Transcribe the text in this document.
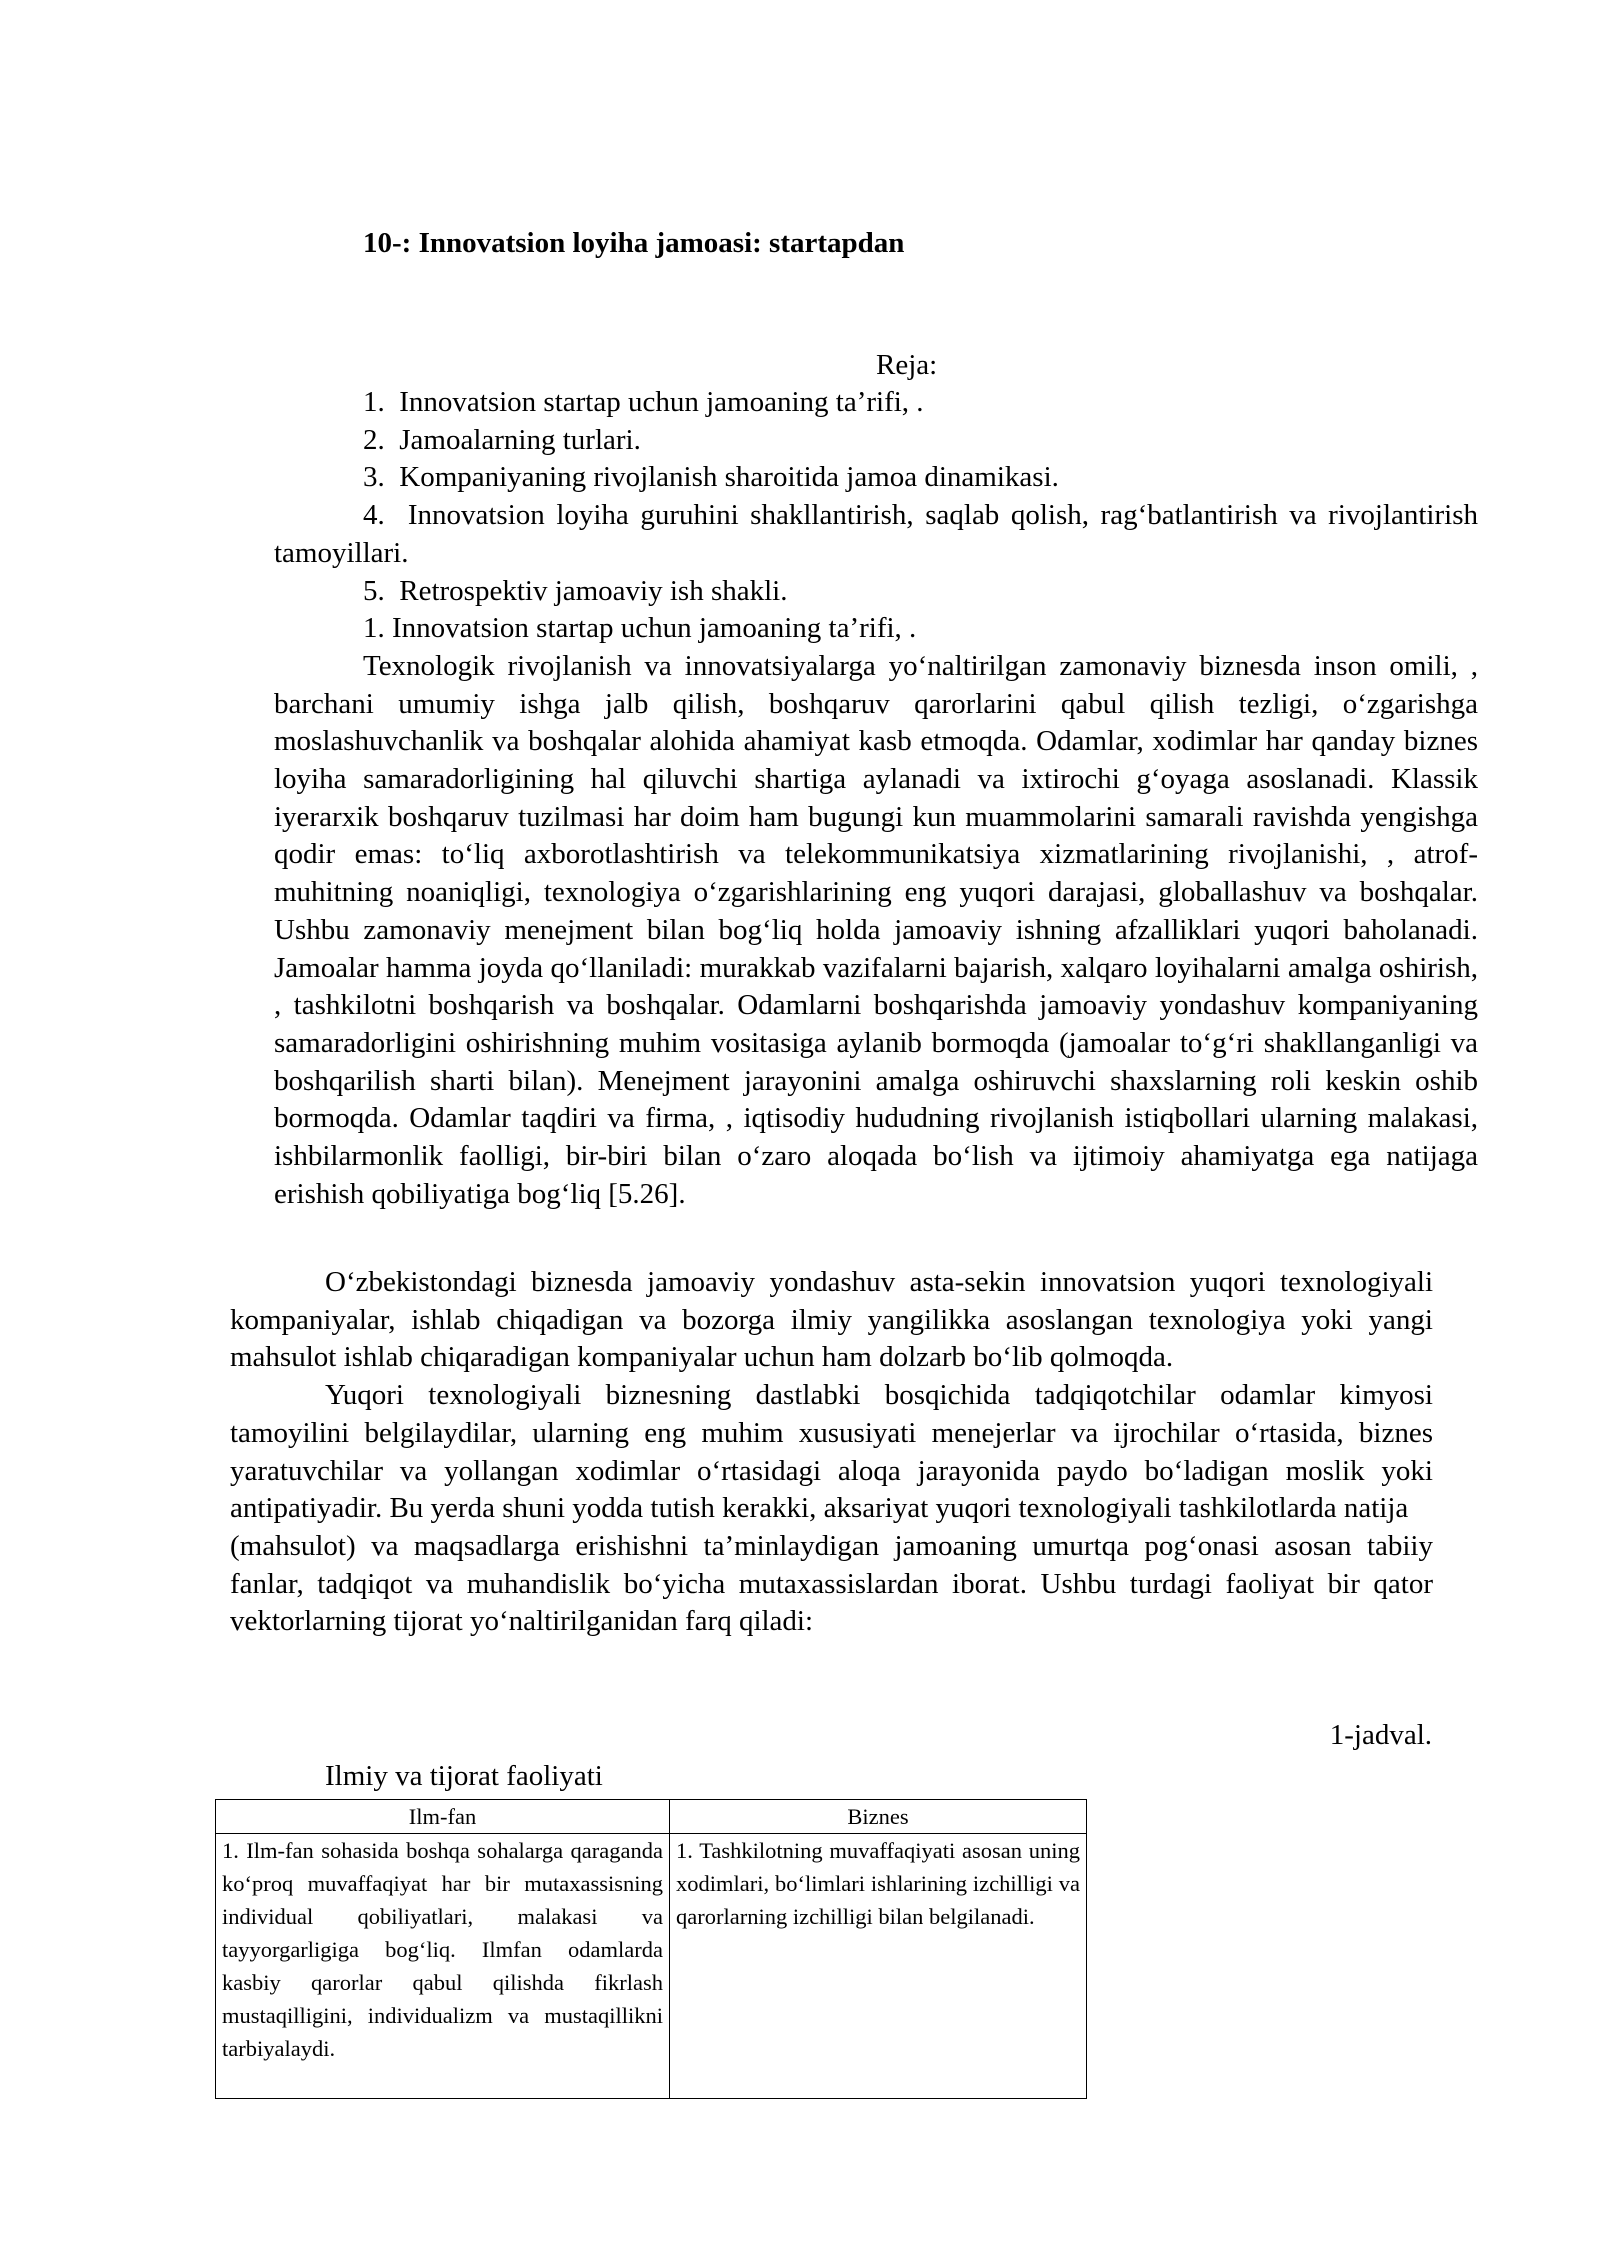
10-: Innovatsion loyiha jamoasi: startapdan
Reja:

1. Innovatsion startap uchun jamoaning ta’rifi, .

2. Jamoalarning turlari.

3. Kompaniyaning rivojlanish sharoitida jamoa dinamikasi.

4. Innovatsion loyiha guruhini shakllantirish, saqlab qolish, rag‘batlantirish va rivojlantirish tamoyillari.

5. Retrospektiv jamoaviy ish shakli.

1. Innovatsion startap uchun jamoaning ta’rifi, .

Texnologik rivojlanish va innovatsiyalarga yo‘naltirilgan zamonaviy biznesda inson omili, , barchani umumiy ishga jalb qilish, boshqaruv qarorlarini qabul qilish tezligi, o‘zgarishga moslashuvchanlik va boshqalar alohida ahamiyat kasb etmoqda. Odamlar, xodimlar har qanday biznes loyiha samaradorligining hal qiluvchi shartiga aylanadi va ixtirochi g‘oyaga asoslanadi. Klassik iyerarxik boshqaruv tuzilmasi har doim ham bugungi kun muammolarini samarali ravishda yengishga qodir emas: to‘liq axborotlashtirish va telekommunikatsiya xizmatlarining rivojlanishi, , atrof-muhitning noaniqligi, texnologiya o‘zgarishlarining eng yuqori darajasi, globallashuv va boshqalar. Ushbu zamonaviy menejment bilan bog‘liq holda jamoaviy ishning afzalliklari yuqori baholanadi. Jamoalar hamma joyda qo‘llaniladi: murakkab vazifalarni bajarish, xalqaro loyihalarni amalga oshirish, , tashkilotni boshqarish va boshqalar. Odamlarni boshqarishda jamoaviy yondashuv kompaniyaning samaradorligini oshirishning muhim vositasiga aylanib bormoqda (jamoalar to‘g‘ri shakllanganligi va boshqarilish sharti bilan). Menejment jarayonini amalga oshiruvchi shaxslarning roli keskin oshib bormoqda. Odamlar taqdiri va firma, , iqtisodiy hududning rivojlanish istiqbollari ularning malakasi, ishbilarmonlik faolligi, bir-biri bilan o‘zaro aloqada bo‘lish va ijtimoiy ahamiyatga ega natijaga erishish qobiliyatiga bog‘liq [5.26].

O‘zbekistondagi biznesda jamoaviy yondashuv asta-sekin innovatsion yuqori texnologiyali kompaniyalar, ishlab chiqadigan va bozorga ilmiy yangilikka asoslangan texnologiya yoki yangi mahsulot ishlab chiqaradigan kompaniyalar uchun ham dolzarb bo‘lib qolmoqda.

Yuqori texnologiyali biznesning dastlabki bosqichida tadqiqotchilar odamlar kimyosi tamoyilini belgilaydilar, ularning eng muhim xususiyati menejerlar va ijrochilar o‘rtasida, biznes yaratuvchilar va yollangan xodimlar o‘rtasidagi aloqa jarayonida paydo bo‘ladigan moslik yoki antipatiyadir. Bu yerda shuni yodda tutish kerakki, aksariyat yuqori texnologiyali tashkilotlarda natija

(mahsulot) va maqsadlarga erishishni ta’minlaydigan jamoaning umurtqa pog‘onasi asosan tabiiy fanlar, tadqiqot va muhandislik bo‘yicha mutaxassislardan iborat. Ushbu turdagi faoliyat bir qator vektorlarning tijorat yo‘naltirilganidan farq qiladi:

1-jadval.
Ilmiy va tijorat faoliyati
Ilm-fan	Biznes
1. Ilm-fan sohasida boshqa sohalarga qaraganda ko‘proq muvaffaqiyat har bir mutaxassisning individual qobiliyatlari, malakasi va tayyorgarligiga bog‘liq. Ilmfan odamlarda kasbiy qarorlar qabul qilishda fikrlash mustaqilligini, individualizm va mustaqillikni tarbiyalaydi.	1. Tashkilotning muvaffaqiyati asosan uning xodimlari, bo‘limlari ishlarining izchilligi va qarorlarning izchilligi bilan belgilanadi.
